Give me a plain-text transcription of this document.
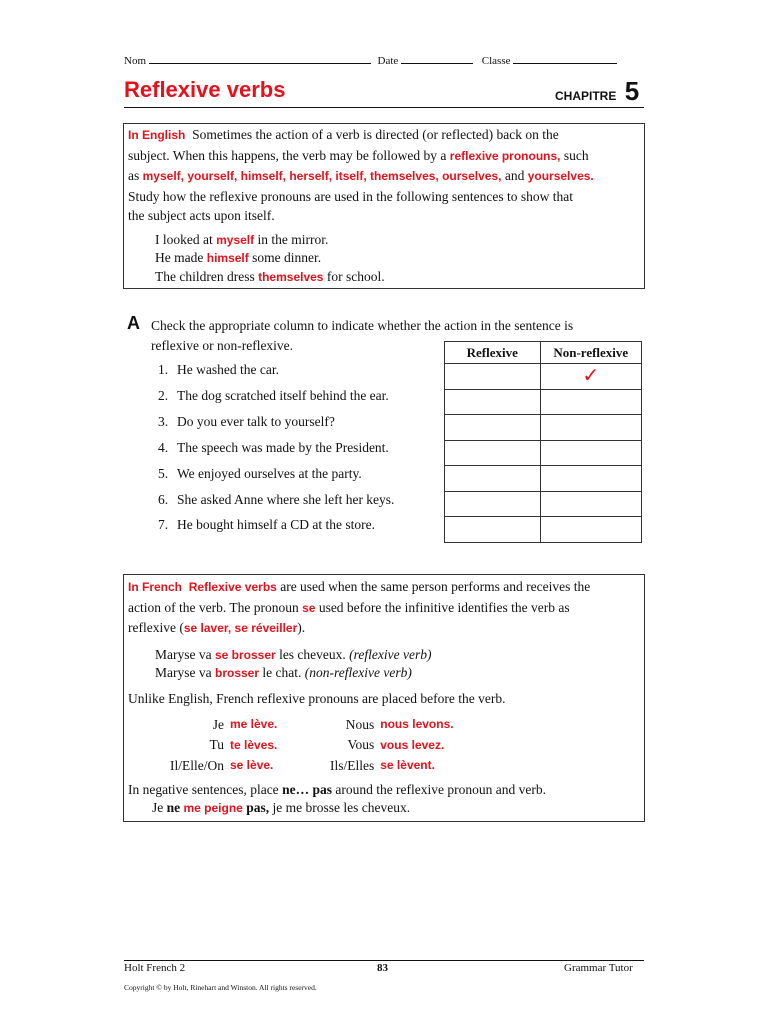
Nom	Date	Classe
Reflexive verbs	CHAPITRE 5
In English Sometimes the action of a verb is directed (or reflected) back on the
subject. When this happens, the verb may be followed by a reflexive pronouns, such
as myself, yourself, himself, herself, itself, themselves, ourselves, and yourselves.
Study how the reflexive pronouns are used in the following sentences to show that
the subject acts upon itself.
I looked at myself in the mirror.
He made himself some dinner.
The children dress themselves for school.
A Check the appropriate column to indicate whether the action in the sentence is
reflexive or non-reflexive.
1. He washed the car.
2. The dog scratched itself behind the ear.
3. Do you ever talk to yourself?
4. The speech was made by the President.
5. We enjoyed ourselves at the party.
6. She asked Anne where she left her keys.
7. He bought himself a CD at the store.
Reflexive	Non-reflexive
	✓

In French Reflexive verbs are used when the same person performs and receives the
action of the verb. The pronoun se used before the infinitive identifies the verb as
reflexive (se laver, se réveiller).
Maryse va se brosser les cheveux. (reflexive verb)
Maryse va brosser le chat. (non-reflexive verb)
Unlike English, French reflexive pronouns are placed before the verb.
Je	me lève.	Nous	nous levons.
Tu	te lèves.	Vous	vous levez.
Il/Elle/On	se lève.	Ils/Elles	se lèvent.
In negative sentences, place ne… pas around the reflexive pronoun and verb.
Je ne me peigne pas, je me brosse les cheveux.
Holt French 2	83	Grammar Tutor
Copyright © by Holt, Rinehart and Winston. All rights reserved.
